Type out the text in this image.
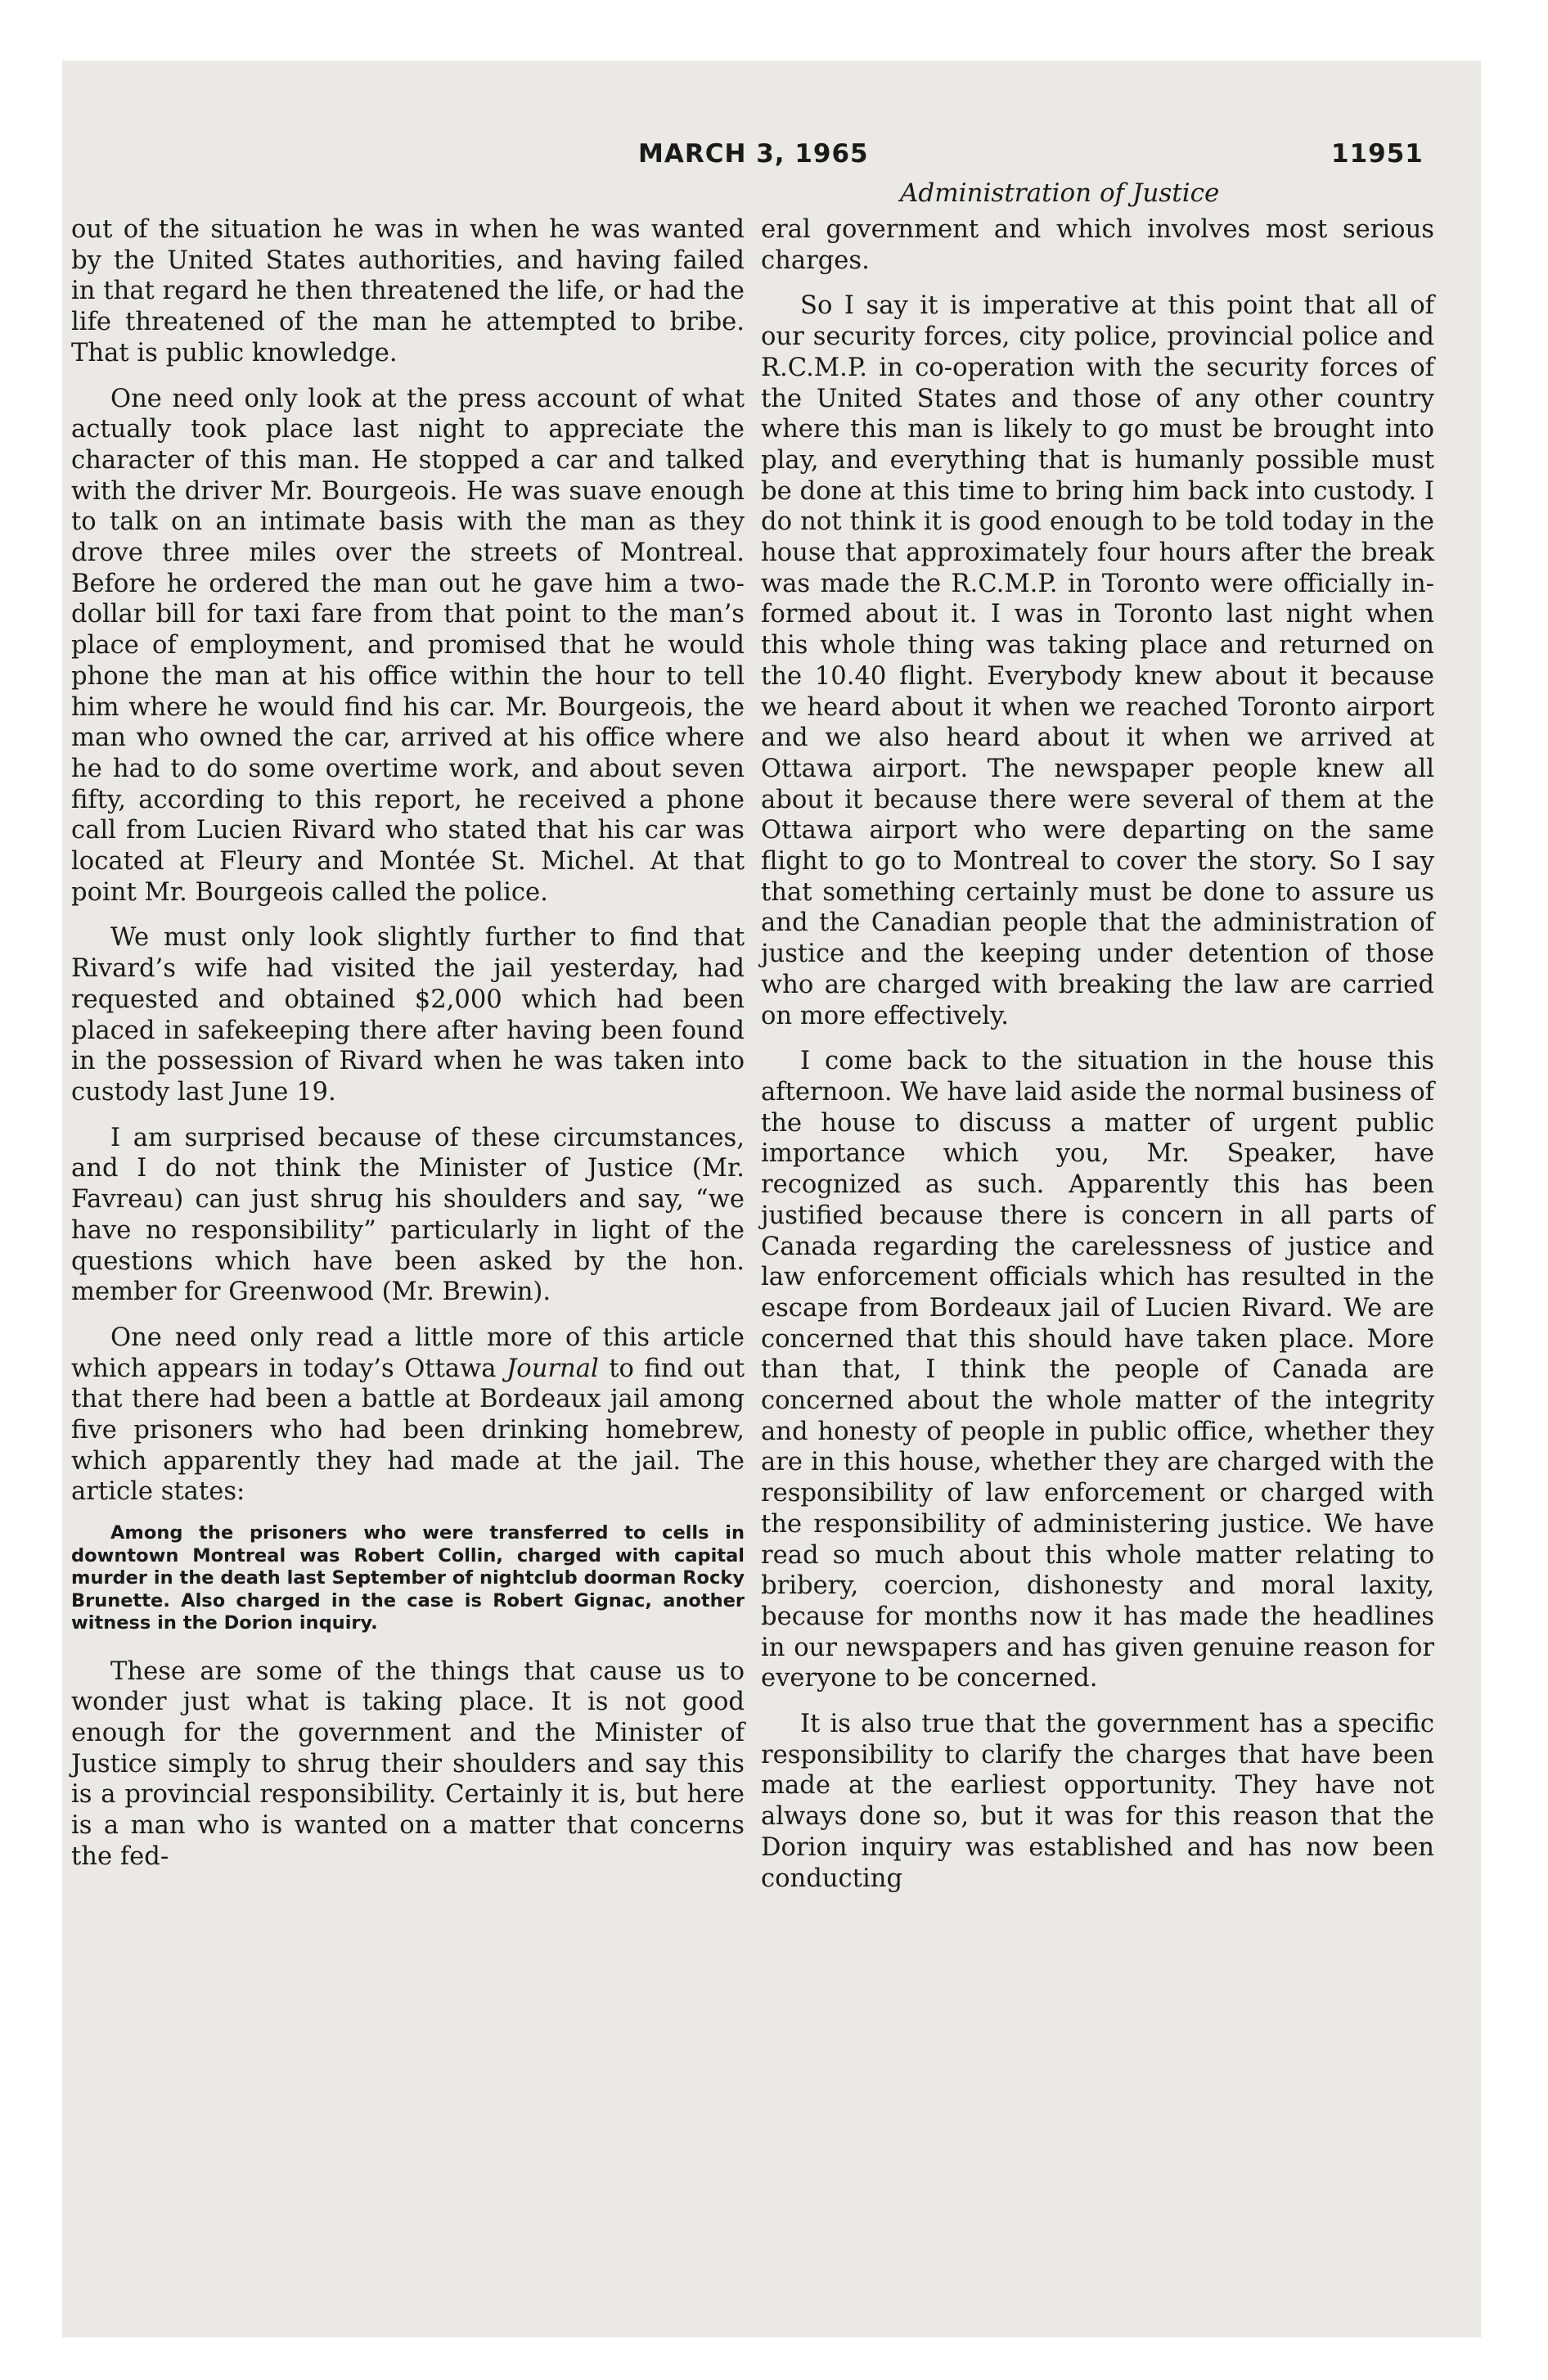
MARCH 3, 1965	11951
Administration of Justice

out of the situation he was in when he was wanted by the United States authorities, and having failed in that regard he then threatened the life, or had the life threatened of the man he attempted to bribe. That is public knowledge.

One need only look at the press account of what actually took place last night to appreciate the character of this man. He stopped a car and talked with the driver Mr. Bourgeois. He was suave enough to talk on an intimate basis with the man as they drove three miles over the streets of Montreal. Before he ordered the man out he gave him a two-dollar bill for taxi fare from that point to the man’s place of employment, and promised that he would phone the man at his office within the hour to tell him where he would find his car. Mr. Bourgeois, the man who owned the car, arrived at his office where he had to do some overtime work, and about seven fifty, according to this report, he received a phone call from Lucien Rivard who stated that his car was located at Fleury and Montée St. Michel. At that point Mr. Bourgeois called the police.

We must only look slightly further to find that Rivard’s wife had visited the jail yesterday, had requested and obtained $2,000 which had been placed in safekeeping there after having been found in the possession of Rivard when he was taken into custody last June 19.

I am surprised because of these circumstances, and I do not think the Minister of Justice (Mr. Favreau) can just shrug his shoulders and say, “we have no responsibility” particularly in light of the questions which have been asked by the hon. member for Greenwood (Mr. Brewin).

One need only read a little more of this article which appears in today’s Ottawa Journal to find out that there had been a battle at Bordeaux jail among five prisoners who had been drinking homebrew, which apparently they had made at the jail. The article states:

Among the prisoners who were transferred to cells in downtown Montreal was Robert Collin, charged with capital murder in the death last September of nightclub doorman Rocky Brunette. Also charged in the case is Robert Gignac, another witness in the Dorion inquiry.

These are some of the things that cause us to wonder just what is taking place. It is not good enough for the government and the Minister of Justice simply to shrug their shoulders and say this is a provincial responsibility. Certainly it is, but here is a man who is wanted on a matter that concerns the fed-

eral government and which involves most serious charges.

So I say it is imperative at this point that all of our security forces, city police, provincial police and R.C.M.P. in co-operation with the security forces of the United States and those of any other country where this man is likely to go must be brought into play, and everything that is humanly possible must be done at this time to bring him back into custody. I do not think it is good enough to be told today in the house that approximately four hours after the break was made the R.C.M.P. in Toronto were officially informed about it. I was in Toronto last night when this whole thing was taking place and returned on the 10.40 flight. Everybody knew about it because we heard about it when we reached Toronto airport and we also heard about it when we arrived at Ottawa airport. The newspaper people knew all about it because there were several of them at the Ottawa airport who were departing on the same flight to go to Montreal to cover the story. So I say that something certainly must be done to assure us and the Canadian people that the administration of justice and the keeping under detention of those who are charged with breaking the law are carried on more effectively.

I come back to the situation in the house this afternoon. We have laid aside the normal business of the house to discuss a matter of urgent public importance which you, Mr. Speaker, have recognized as such. Apparently this has been justified because there is concern in all parts of Canada regarding the carelessness of justice and law enforcement officials which has resulted in the escape from Bordeaux jail of Lucien Rivard. We are concerned that this should have taken place. More than that, I think the people of Canada are concerned about the whole matter of the integrity and honesty of people in public office, whether they are in this house, whether they are charged with the responsibility of law enforcement or charged with the responsibility of administering justice. We have read so much about this whole matter relating to bribery, coercion, dishonesty and moral laxity, because for months now it has made the headlines in our newspapers and has given genuine reason for everyone to be concerned.

It is also true that the government has a specific responsibility to clarify the charges that have been made at the earliest opportunity. They have not always done so, but it was for this reason that the Dorion inquiry was established and has now been conducting
